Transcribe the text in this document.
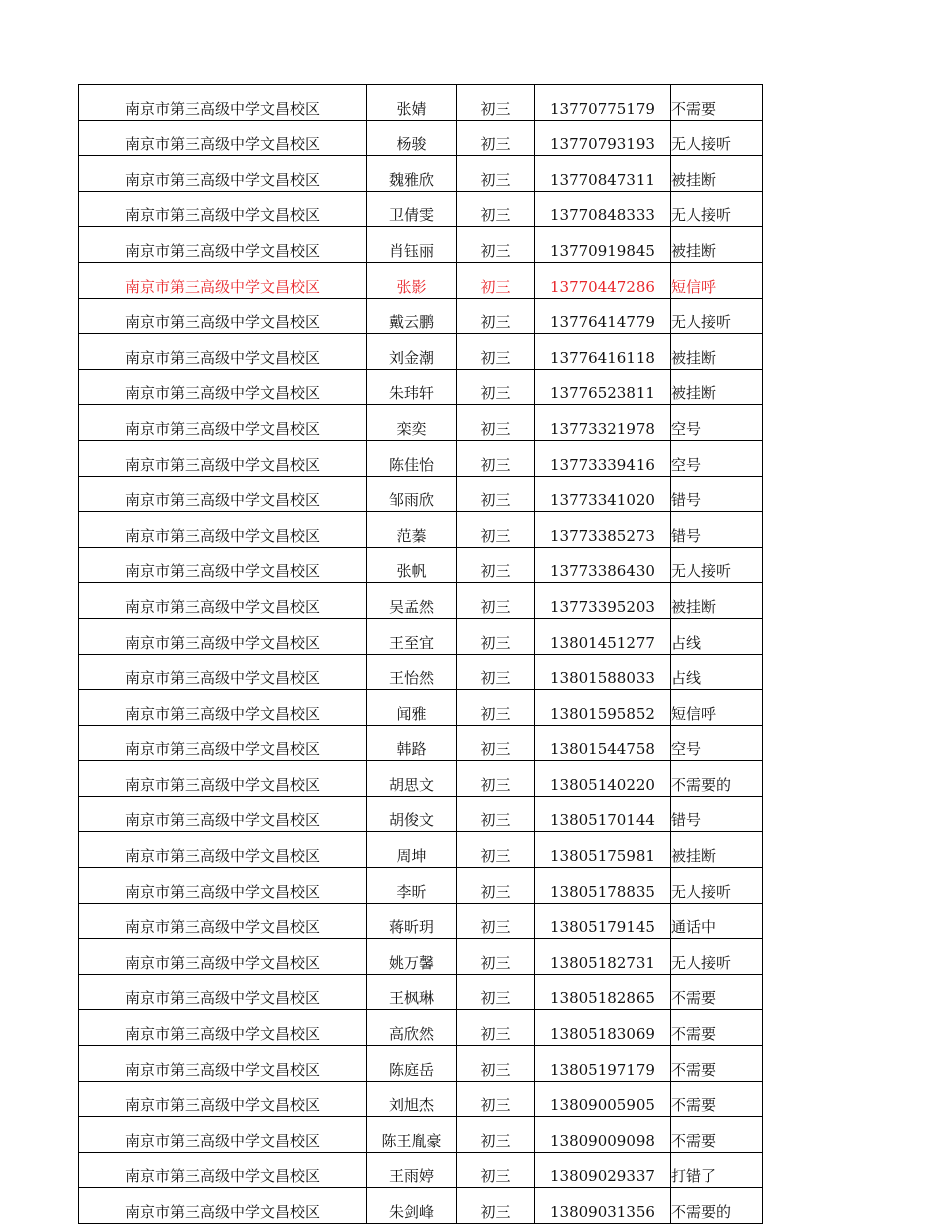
南京市第三高级中学文昌校区	张婧	初三	13770775179	不需要
南京市第三高级中学文昌校区	杨骏	初三	13770793193	无人接听
南京市第三高级中学文昌校区	魏雅欣	初三	13770847311	被挂断
南京市第三高级中学文昌校区	卫倩雯	初三	13770848333	无人接听
南京市第三高级中学文昌校区	肖钰丽	初三	13770919845	被挂断
南京市第三高级中学文昌校区	张影	初三	13770447286	短信呼
南京市第三高级中学文昌校区	戴云鹏	初三	13776414779	无人接听
南京市第三高级中学文昌校区	刘金潮	初三	13776416118	被挂断
南京市第三高级中学文昌校区	朱玮轩	初三	13776523811	被挂断
南京市第三高级中学文昌校区	栾奕	初三	13773321978	空号
南京市第三高级中学文昌校区	陈佳怡	初三	13773339416	空号
南京市第三高级中学文昌校区	邹雨欣	初三	13773341020	错号
南京市第三高级中学文昌校区	范蓁	初三	13773385273	错号
南京市第三高级中学文昌校区	张帆	初三	13773386430	无人接听
南京市第三高级中学文昌校区	吴孟然	初三	13773395203	被挂断
南京市第三高级中学文昌校区	王至宜	初三	13801451277	占线
南京市第三高级中学文昌校区	王怡然	初三	13801588033	占线
南京市第三高级中学文昌校区	闻雅	初三	13801595852	短信呼
南京市第三高级中学文昌校区	韩路	初三	13801544758	空号
南京市第三高级中学文昌校区	胡思文	初三	13805140220	不需要的
南京市第三高级中学文昌校区	胡俊文	初三	13805170144	错号
南京市第三高级中学文昌校区	周坤	初三	13805175981	被挂断
南京市第三高级中学文昌校区	李昕	初三	13805178835	无人接听
南京市第三高级中学文昌校区	蒋昕玥	初三	13805179145	通话中
南京市第三高级中学文昌校区	姚万馨	初三	13805182731	无人接听
南京市第三高级中学文昌校区	王枫琳	初三	13805182865	不需要
南京市第三高级中学文昌校区	高欣然	初三	13805183069	不需要
南京市第三高级中学文昌校区	陈庭岳	初三	13805197179	不需要
南京市第三高级中学文昌校区	刘旭杰	初三	13809005905	不需要
南京市第三高级中学文昌校区	陈王胤豪	初三	13809009098	不需要
南京市第三高级中学文昌校区	王雨婷	初三	13809029337	打错了
南京市第三高级中学文昌校区	朱剑峰	初三	13809031356	不需要的
